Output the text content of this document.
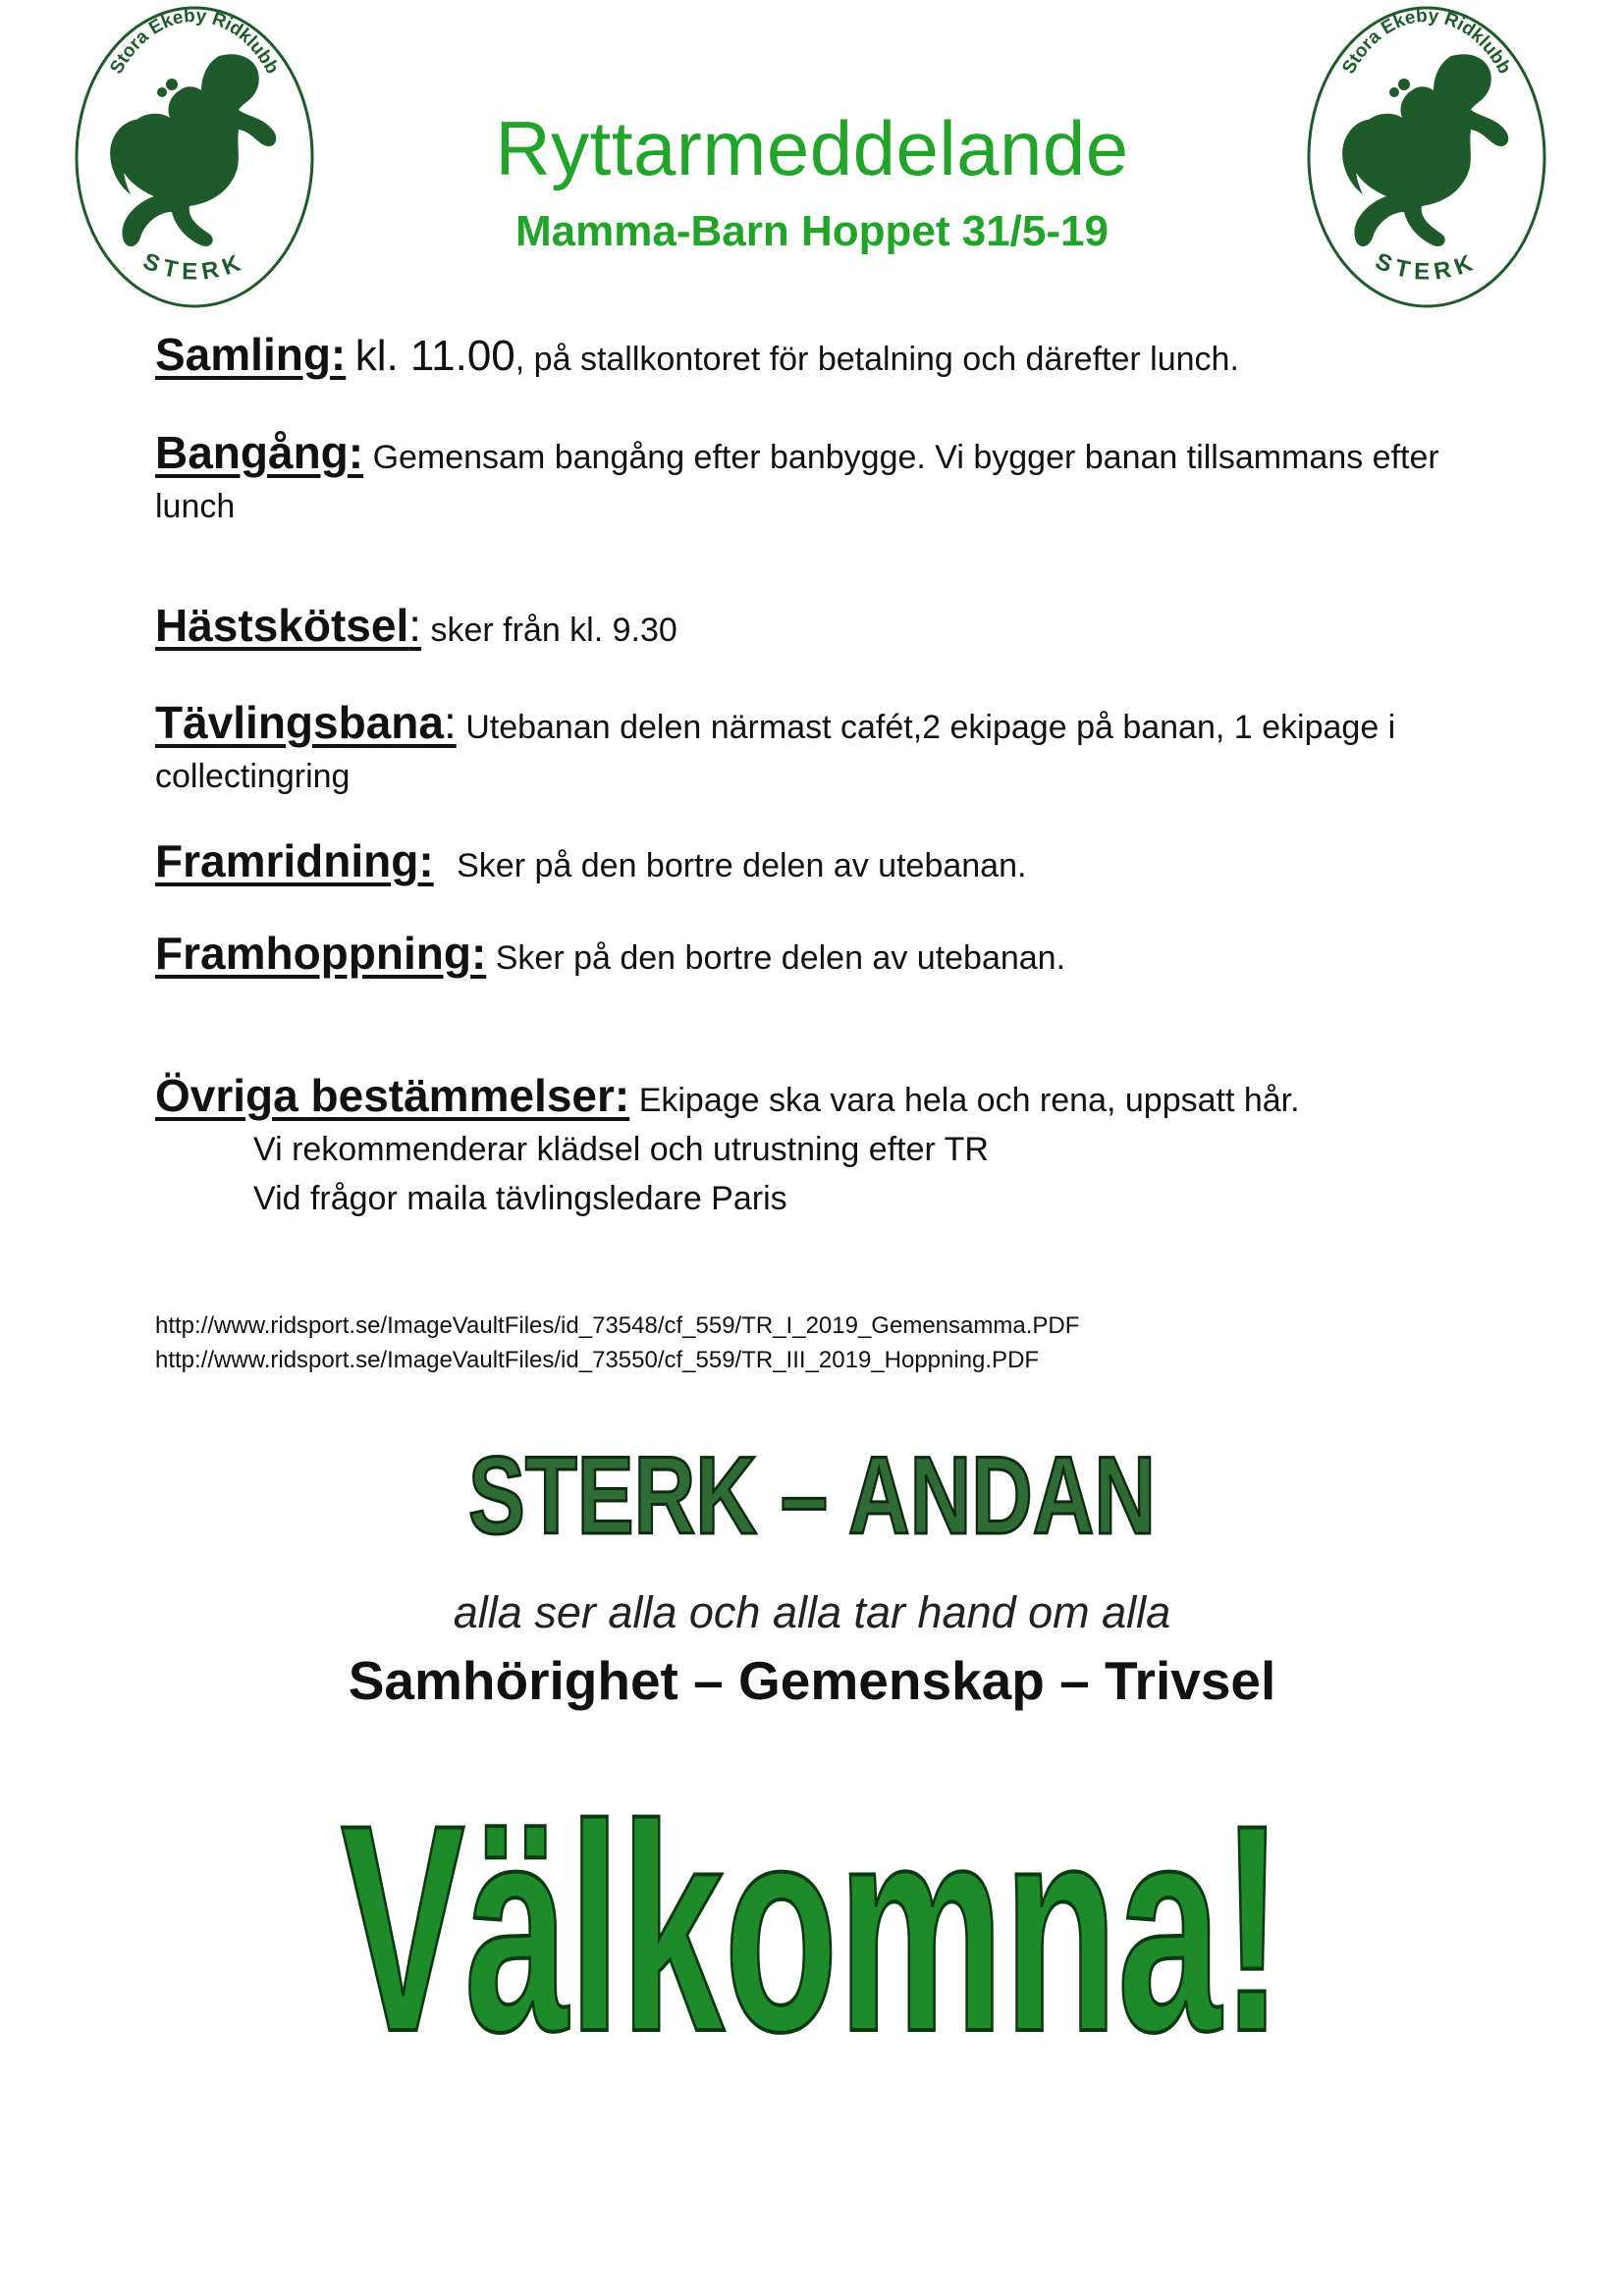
Stora Ekeby Ridklubb
STERK
Stora Ekeby Ridklubb
STERK
Ryttarmeddelande
Mamma-Barn Hoppet 31/5-19
Samling: kl. 11.00, på stallkontoret för betalning och därefter lunch.
Bangång: Gemensam bangång efter banbygge. Vi bygger banan tillsammans efter lunch
Hästskötsel: sker från kl. 9.30
Tävlingsbana: Utebanan delen närmast cafét,2 ekipage på banan, 1 ekipage i collectingring
Framridning: Sker på den bortre delen av utebanan.
Framhoppning: Sker på den bortre delen av utebanan.
Övriga bestämmelser: Ekipage ska vara hela och rena, uppsatt hår.
Vi rekommenderar klädsel och utrustning efter TR
Vid frågor maila tävlingsledare Paris
http://www.ridsport.se/ImageVaultFiles/id_73548/cf_559/TR_I_2019_Gemensamma.PDF
http://www.ridsport.se/ImageVaultFiles/id_73550/cf_559/TR_III_2019_Hoppning.PDF
STERK – ANDAN
alla ser alla och alla tar hand om alla
Samhörighet – Gemenskap – Trivsel
Välkomna!
